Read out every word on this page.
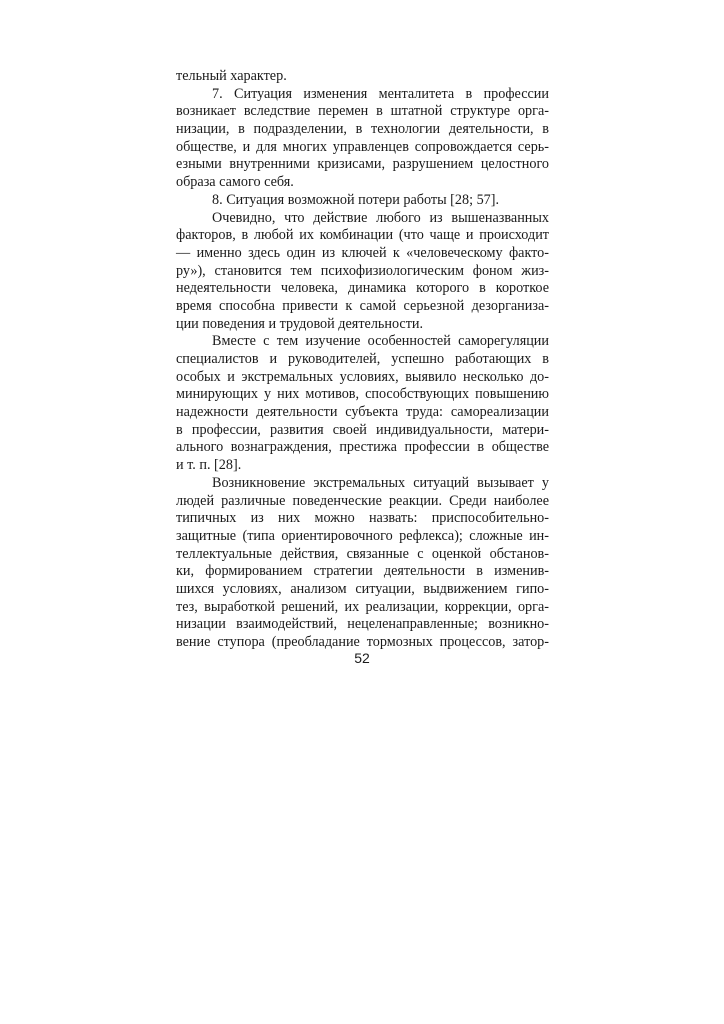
тельный характер.
7. Ситуация изменения менталитета в профессии
возникает вследствие перемен в штатной структуре орга-
низации, в подразделении, в технологии деятельности, в
обществе, и для многих управленцев сопровождается серь-
езными внутренними кризисами, разрушением целостного
образа самого себя.
8. Ситуация возможной потери работы [28; 57].
Очевидно, что действие любого из вышеназванных
факторов, в любой их комбинации (что чаще и происходит
— именно здесь один из ключей к «человеческому факто-
ру»), становится тем психофизиологическим фоном жиз-
недеятельности человека, динамика которого в короткое
время способна привести к самой серьезной дезорганиза-
ции поведения и трудовой деятельности.
Вместе с тем изучение особенностей саморегуляции
специалистов и руководителей, успешно работающих в
особых и экстремальных условиях, выявило несколько до-
минирующих у них мотивов, способствующих повышению
надежности деятельности субъекта труда: самореализации
в профессии, развития своей индивидуальности, матери-
ального вознаграждения, престижа профессии в обществе
и т. п. [28].
Возникновение экстремальных ситуаций вызывает у
людей различные поведенческие реакции. Среди наиболее
типичных из них можно назвать: приспособительно-
защитные (типа ориентировочного рефлекса); сложные ин-
теллектуальные действия, связанные с оценкой обстанов-
ки, формированием стратегии деятельности в изменив-
шихся условиях, анализом ситуации, выдвижением гипо-
тез, выработкой решений, их реализации, коррекции, орга-
низации взаимодействий, нецеленаправленные; возникно-
вение ступора (преобладание тормозных процессов, затор-
52
